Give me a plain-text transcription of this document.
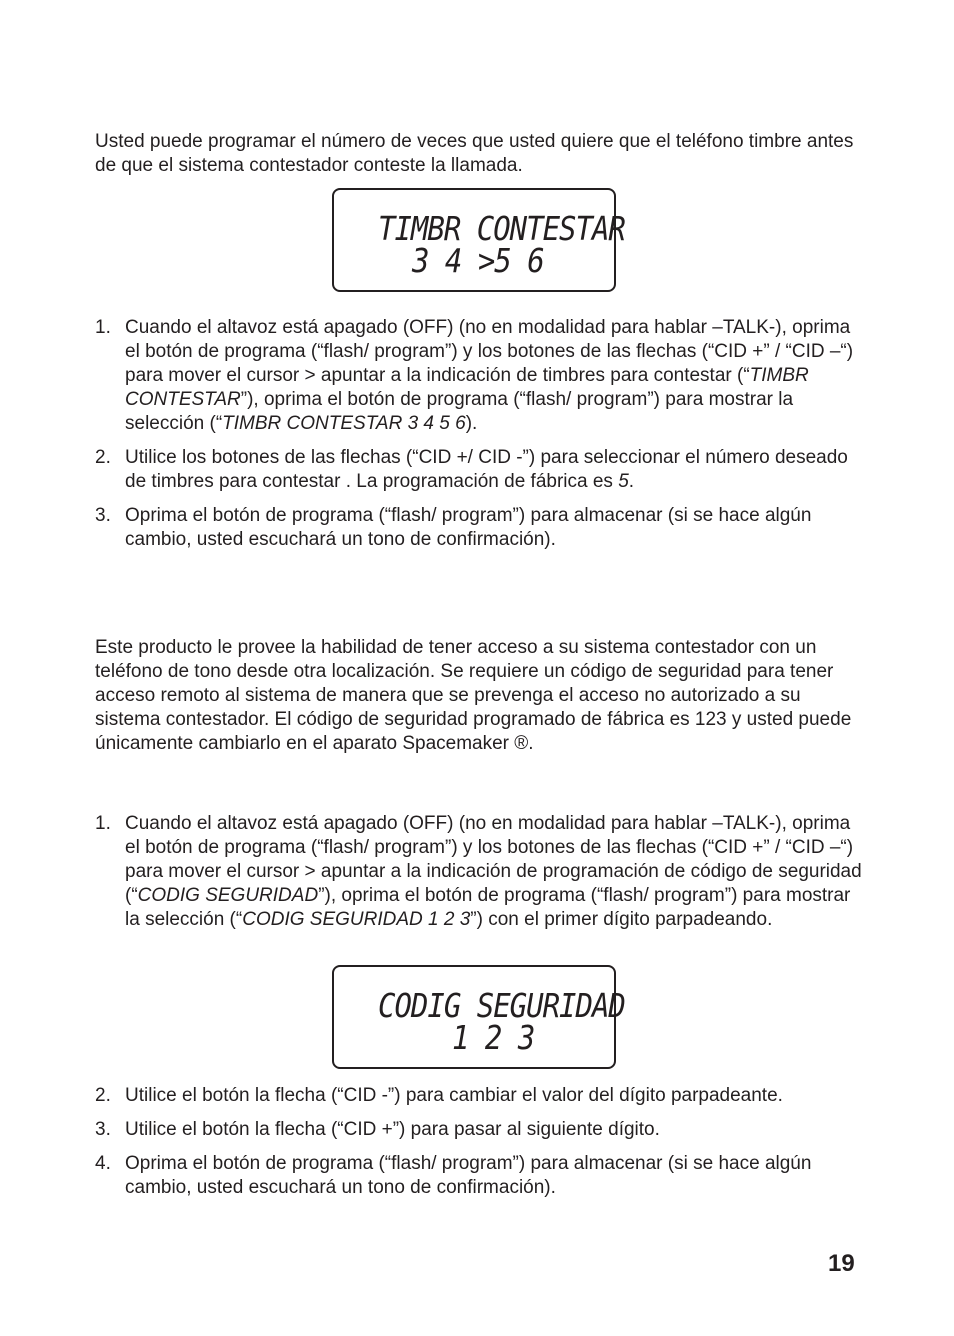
Usted puede programar el número de veces que usted quiere que el teléfono timbre antes de que el sistema contestador conteste la llamada.

TIMBR CONTESTAR
3 4 >5 6
1. Cuando el altavoz está apagado (OFF) (no en modalidad para hablar –TALK-), oprima el botón de programa (“flash/ program”) y los botones de las flechas (“CID +” / “CID –“) para mover el cursor > apuntar a la indicación de timbres para contestar (“TIMBR CONTESTAR”), oprima el botón de programa (“flash/ program”) para mostrar la selección (“TIMBR CONTESTAR 3 4 5 6).
2. Utilice los botones de las flechas (“CID +/ CID -”) para seleccionar el número deseado de timbres para contestar . La programación de fábrica es 5.
3. Oprima el botón de programa (“flash/ program”) para almacenar (si se hace algún cambio, usted escuchará un tono de confirmación).

Este producto le provee la habilidad de tener acceso a su sistema contestador con un teléfono de tono desde otra localización. Se requiere un código de seguridad para tener acceso remoto al sistema de manera que se prevenga el acceso no autorizado a su sistema contestador. El código de seguridad programado de fábrica es 123 y usted puede únicamente cambiarlo en el aparato Spacemaker ®.

1. Cuando el altavoz está apagado (OFF) (no en modalidad para hablar –TALK-), oprima el botón de programa (“flash/ program”) y los botones de las flechas (“CID +” / “CID –“) para mover el cursor > apuntar a la indicación de programación de código de seguridad (“CODIG SEGURIDAD”), oprima el botón de programa (“flash/ program”) para mostrar la selección (“CODIG SEGURIDAD 1 2 3”) con el primer dígito parpadeando.
CODIG SEGURIDAD
1 2 3
2. Utilice el botón la flecha (“CID -”) para cambiar el valor del dígito parpadeante.
3. Utilice el botón la flecha (“CID +”) para pasar al siguiente dígito.
4. Oprima el botón de programa (“flash/ program”) para almacenar (si se hace algún cambio, usted escuchará un tono de confirmación).
19
